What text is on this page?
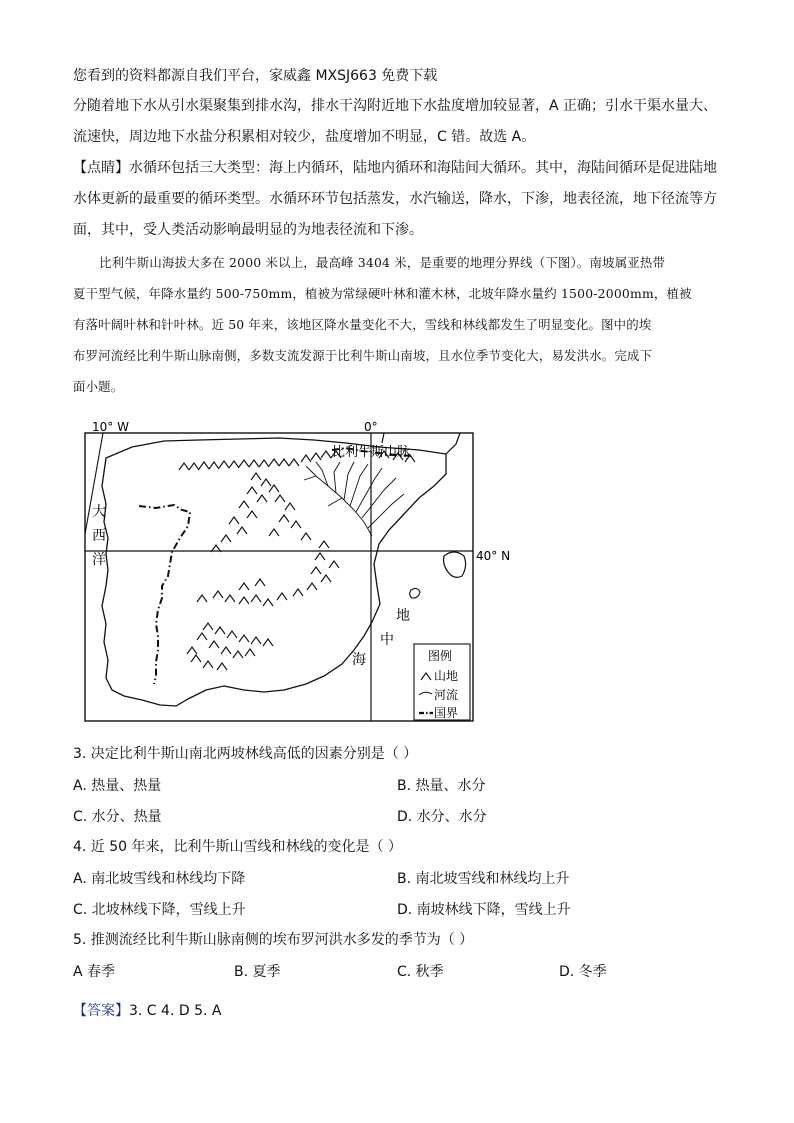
您看到的资料都源自我们平台，家威鑫 MXSJ663 免费下载
分随着地下水从引水渠聚集到排水沟，排水干沟附近地下水盐度增加较显著，A 正确；引水干渠水量大、
流速快，周边地下水盐分积累相对较少，盐度增加不明显，C 错。故选 A。
【点睛】水循环包括三大类型：海上内循环，陆地内循环和海陆间大循环。其中，海陆间循环是促进陆地
水体更新的最重要的循环类型。水循环环节包括蒸发，水汽输送，降水，下渗，地表径流，地下径流等方
面，其中，受人类活动影响最明显的为地表径流和下渗。
比利牛斯山海拔大多在 2000 米以上，最高峰 3404 米，是重要的地理分界线（下图）。南坡属亚热带
夏干型气候，年降水量约 500-750mm，植被为常绿硬叶林和灌木林，北坡年降水量约 1500-2000mm，植被
有落叶阔叶林和针叶林。近 50 年来，该地区降水量变化不大，雪线和林线都发生了明显变化。图中的埃
布罗河流经比利牛斯山脉南侧，多数支流发源于比利牛斯山南坡，且水位季节变化大，易发洪水。完成下
面小题。
10° W	0°
40° N
比利牛斯山脉
大
西
洋
地
中
海	图例
山地
河流
国界
3. 决定比利牛斯山南北两坡林线高低的因素分别是（ ）
A. 热量、热量	B. 热量、水分
C. 水分、热量	D. 水分、水分
4. 近 50 年来，比利牛斯山雪线和林线的变化是（ ）
A. 南北坡雪线和林线均下降	B. 南北坡雪线和林线均上升
C. 北坡林线下降，雪线上升	D. 南坡林线下降，雪线上升
5. 推测流经比利牛斯山脉南侧的埃布罗河洪水多发的季节为（ ）
A 春季	B. 夏季	C. 秋季	D. 冬季
【答案】3. C 4. D 5. A
